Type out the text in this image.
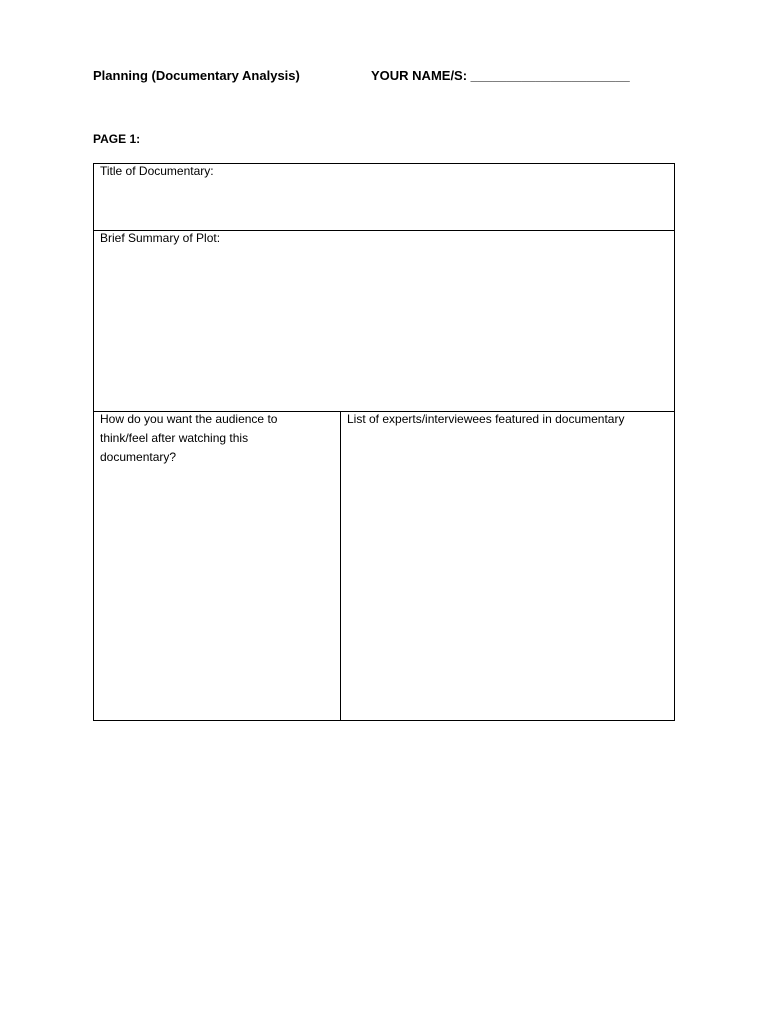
Planning (Documentary Analysis)	YOUR NAME/S: ______________________
PAGE 1:
Title of Documentary:
Brief Summary of Plot:
How do you want the audience to
think/feel after watching this
documentary?
List of experts/interviewees featured in documentary
